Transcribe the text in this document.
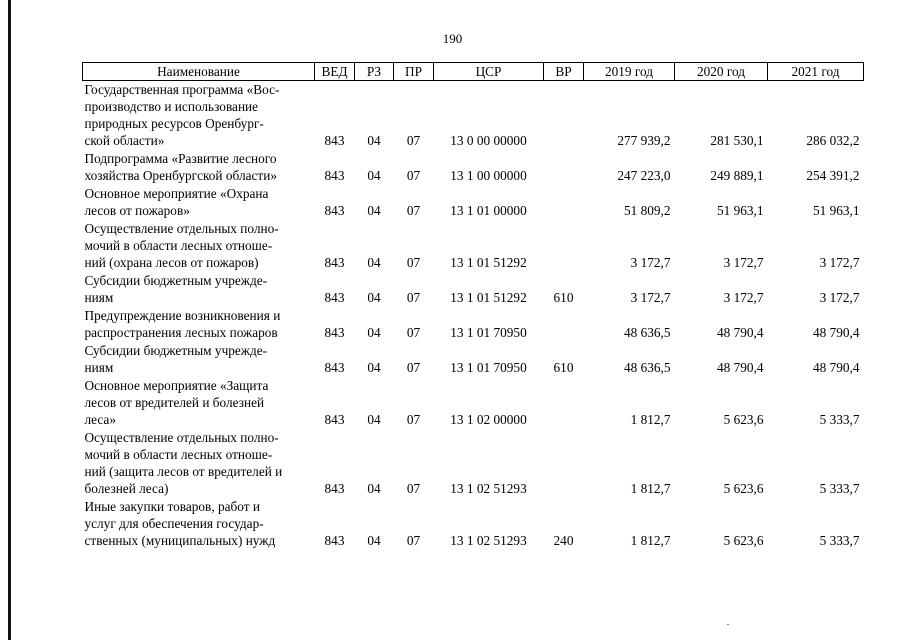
190
Наименование	ВЕД	РЗ	ПР	ЦСР	ВР	2019 год	2020 год	2021 год

Государственная программа «Вос-
производство и использование
природных ресурсов Оренбург-
ской области»	843	04	07	13 0 00 00000		277 939,2	281 530,1	286 032,2

Подпрограмма «Развитие лесного
хозяйства Оренбургской области»	843	04	07	13 1 00 00000		247 223,0	249 889,1	254 391,2

Основное мероприятие «Охрана
лесов от пожаров»	843	04	07	13 1 01 00000		51 809,2	51 963,1	51 963,1

Осуществление отдельных полно-
мочий в области лесных отноше-
ний (охрана лесов от пожаров)	843	04	07	13 1 01 51292		3 172,7	3 172,7	3 172,7

Субсидии бюджетным учрежде-
ниям	843	04	07	13 1 01 51292	610	3 172,7	3 172,7	3 172,7

Предупреждение возникновения и
распространения лесных пожаров	843	04	07	13 1 01 70950		48 636,5	48 790,4	48 790,4

Субсидии бюджетным учрежде-
ниям	843	04	07	13 1 01 70950	610	48 636,5	48 790,4	48 790,4

Основное мероприятие «Защита
лесов от вредителей и болезней
леса»	843	04	07	13 1 02 00000		1 812,7	5 623,6	5 333,7

Осуществление отдельных полно-
мочий в области лесных отноше-
ний (защита лесов от вредителей и
болезней леса)	843	04	07	13 1 02 51293		1 812,7	5 623,6	5 333,7

Иные закупки товаров, работ и
услуг для обеспечения государ-
ственных (муниципальных) нужд	843	04	07	13 1 02 51293	240	1 812,7	5 623,6	5 333,7
